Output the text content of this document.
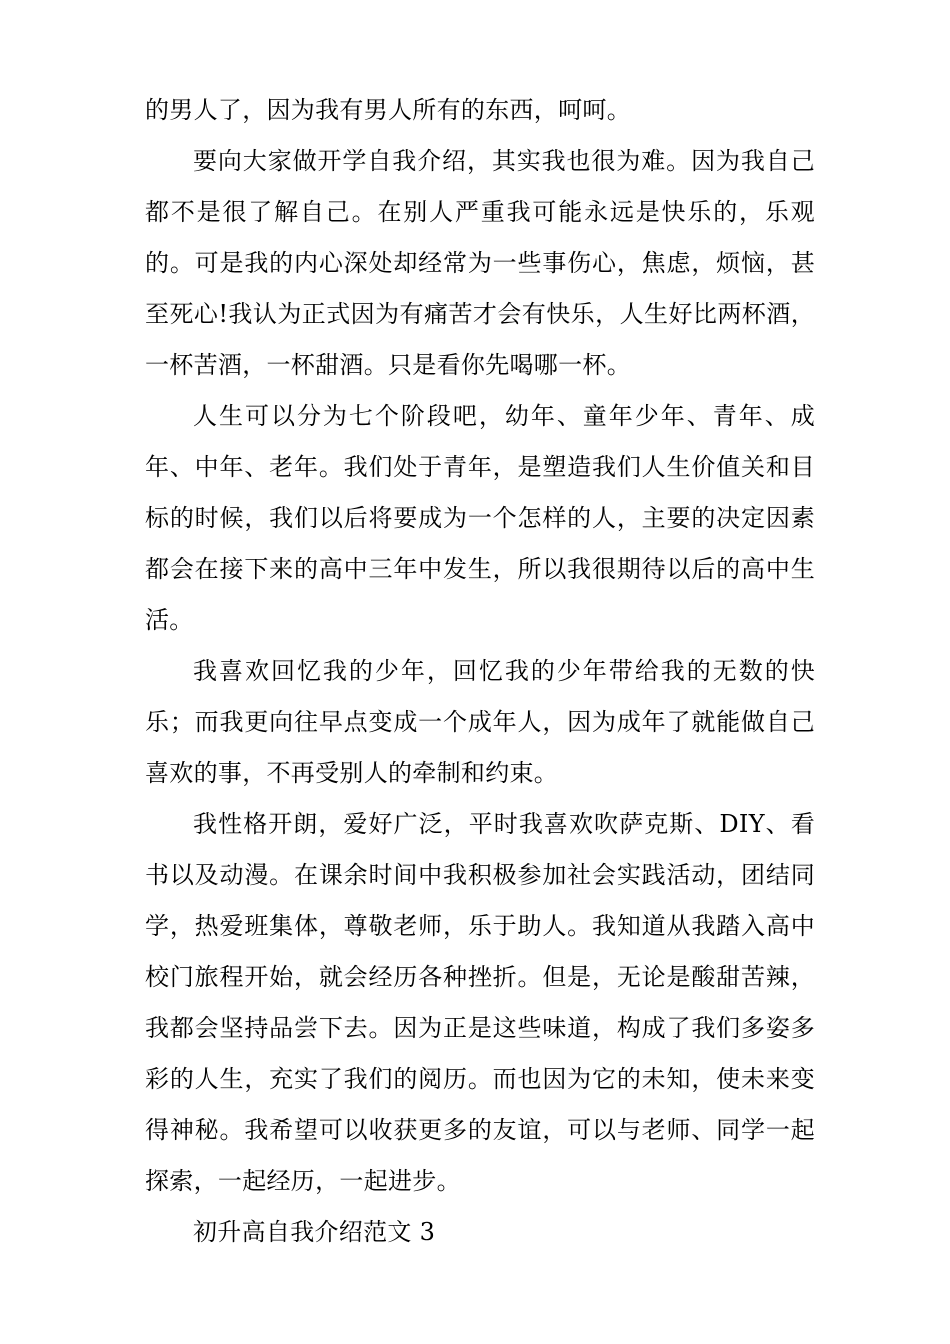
的男人了，因为我有男人所有的东西，呵呵。

要向大家做开学自我介绍，其实我也很为难。因为我自己都不是很了解自己。在别人严重我可能永远是快乐的，乐观的。可是我的内心深处却经常为一些事伤心，焦虑，烦恼，甚至死心!我认为正式因为有痛苦才会有快乐，人生好比两杯酒，一杯苦酒，一杯甜酒。只是看你先喝哪一杯。

人生可以分为七个阶段吧，幼年、童年少年、青年、成年、中年、老年。我们处于青年，是塑造我们人生价值关和目标的时候，我们以后将要成为一个怎样的人，主要的决定因素都会在接下来的高中三年中发生，所以我很期待以后的高中生活。

我喜欢回忆我的少年，回忆我的少年带给我的无数的快乐；而我更向往早点变成一个成年人，因为成年了就能做自己喜欢的事，不再受别人的牵制和约束。

我性格开朗，爱好广泛，平时我喜欢吹萨克斯、DIY、看书以及动漫。在课余时间中我积极参加社会实践活动，团结同学，热爱班集体，尊敬老师，乐于助人。我知道从我踏入高中校门旅程开始，就会经历各种挫折。但是，无论是酸甜苦辣，我都会坚持品尝下去。因为正是这些味道，构成了我们多姿多彩的人生，充实了我们的阅历。而也因为它的未知，使未来变得神秘。我希望可以收获更多的友谊，可以与老师、同学一起探索，一起经历，一起进步。

初升高自我介绍范文 3
